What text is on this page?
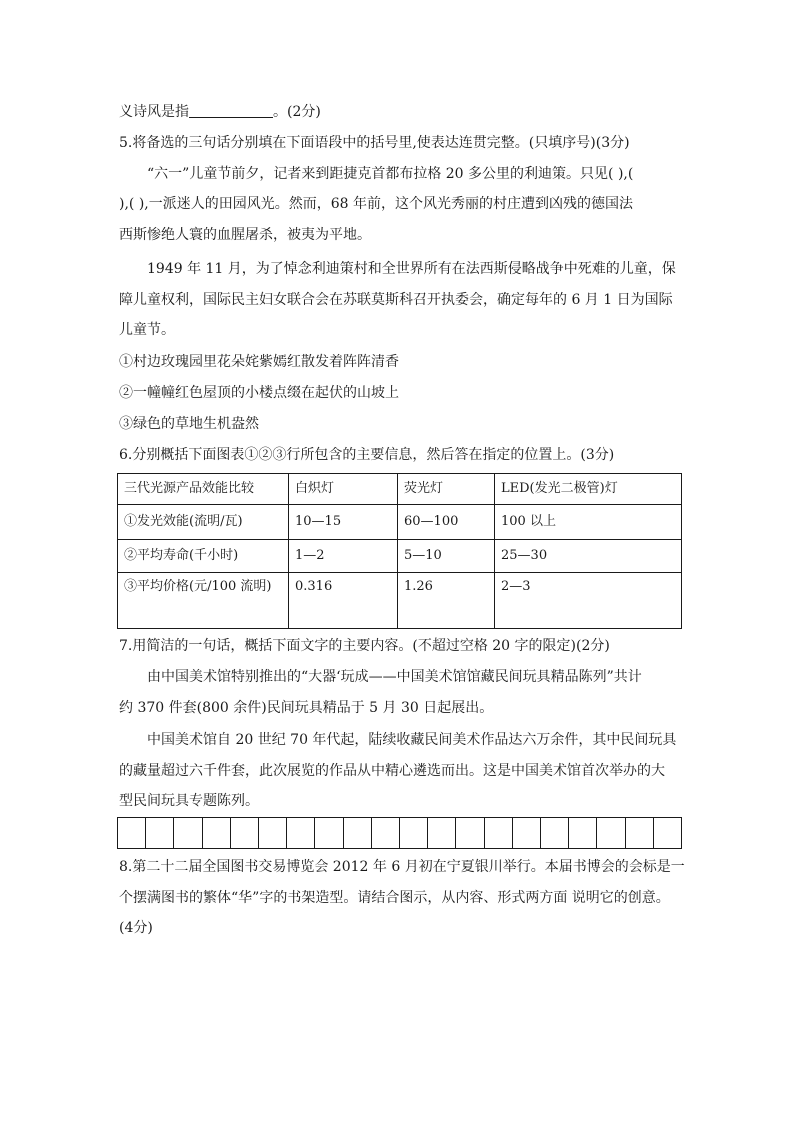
义诗风是指	。(2分)
5.将备选的三句话分别填在下面语段中的括号里,使表达连贯完整。(只填序号)(3分)
“六一”儿童节前夕，记者来到距捷克首都布拉格 20 多公里的利迪策。只见( ),(
),( ),一派迷人的田园风光。然而，68 年前，这个风光秀丽的村庄遭到凶残的德国法
西斯惨绝人寰的血腥屠杀，被夷为平地。
1949 年 11 月，为了悼念利迪策村和全世界所有在法西斯侵略战争中死难的儿童，保
障儿童权利，国际民主妇女联合会在苏联莫斯科召开执委会，确定每年的 6 月 1 日为国际
儿童节。
①村边玫瑰园里花朵姹紫嫣红散发着阵阵清香
②一幢幢红色屋顶的小楼点缀在起伏的山坡上
③绿色的草地生机盎然
6.分别概括下面图表①②③行所包含的主要信息，然后答在指定的位置上。(3分)
三代光源产品效能比较	白炽灯	荧光灯	LED(发光二极管)灯
①发光效能(流明/瓦)	10—15	60—100	100 以上
②平均寿命(千小时)	1—2	5—10	25—30
③平均价格(元/100 流明)	0.316	1.26	2—3
7.用简洁的一句话，概括下面文字的主要内容。(不超过空格 20 字的限定)(2分)
由中国美术馆特别推出的“大器‘玩成——中国美术馆馆藏民间玩具精品陈列”共计
约 370 件套(800 余件)民间玩具精品于 5 月 30 日起展出。
中国美术馆自 20 世纪 70 年代起，陆续收藏民间美术作品达六万余件，其中民间玩具
的藏量超过六千件套，此次展览的作品从中精心遴选而出。这是中国美术馆首次举办的大
型民间玩具专题陈列。
8.第二十二届全国图书交易博览会 2012 年 6 月初在宁夏银川举行。本届书博会的会标是一
个摆满图书的繁体“华”字的书架造型。请结合图示，从内容、形式两方面 说明它的创意。
(4分)
